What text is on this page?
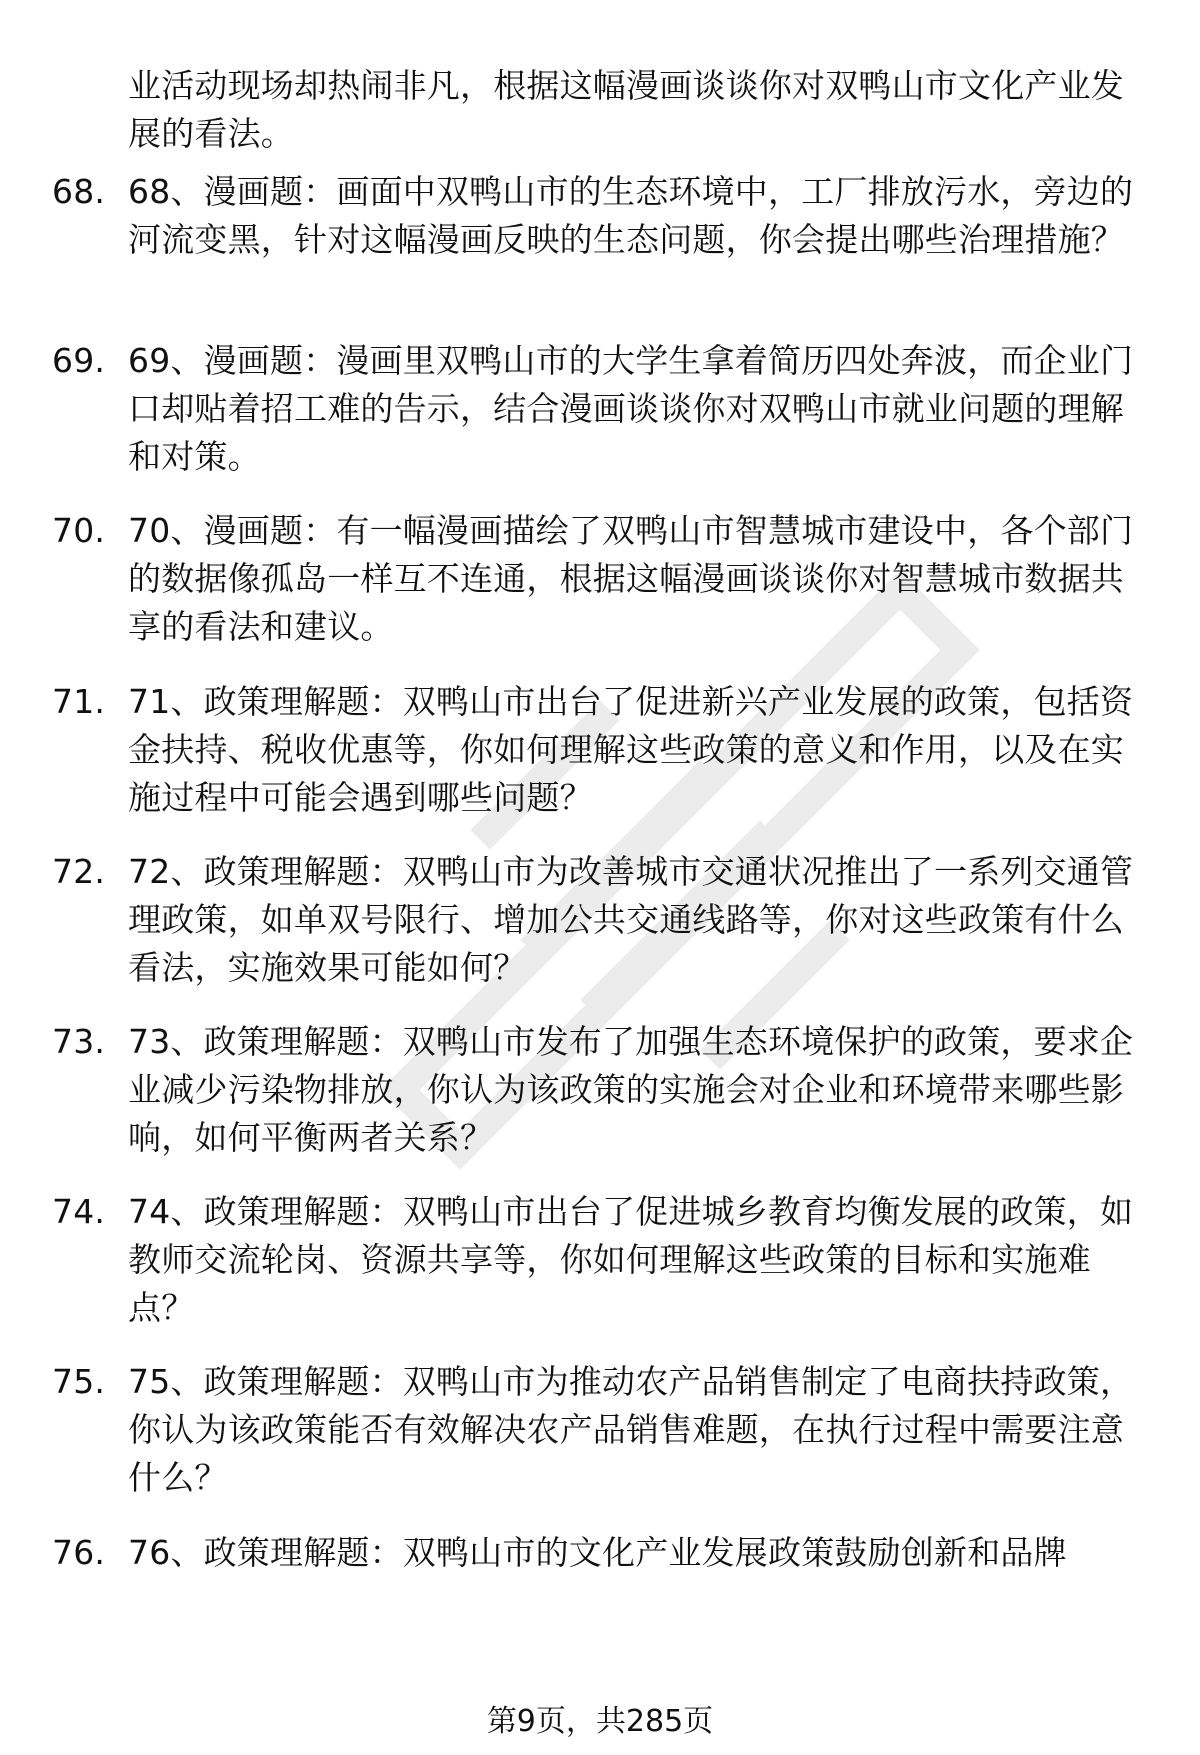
业活动现场却热闹非凡，根据这幅漫画谈谈你对双鸭山市文化产业发展的看法。
68. 68、漫画题：画面中双鸭山市的生态环境中，工厂排放污水，旁边的河流变黑，针对这幅漫画反映的生态问题，你会提出哪些治理措施？
69. 69、漫画题：漫画里双鸭山市的大学生拿着简历四处奔波，而企业门口却贴着招工难的告示，结合漫画谈谈你对双鸭山市就业问题的理解和对策。
70. 70、漫画题：有一幅漫画描绘了双鸭山市智慧城市建设中，各个部门的数据像孤岛一样互不连通，根据这幅漫画谈谈你对智慧城市数据共享的看法和建议。
71. 71、政策理解题：双鸭山市出台了促进新兴产业发展的政策，包括资金扶持、税收优惠等，你如何理解这些政策的意义和作用，以及在实施过程中可能会遇到哪些问题？
72. 72、政策理解题：双鸭山市为改善城市交通状况推出了一系列交通管理政策，如单双号限行、增加公共交通线路等，你对这些政策有什么看法，实施效果可能如何？
73. 73、政策理解题：双鸭山市发布了加强生态环境保护的政策，要求企业减少污染物排放，你认为该政策的实施会对企业和环境带来哪些影响，如何平衡两者关系？
74. 74、政策理解题：双鸭山市出台了促进城乡教育均衡发展的政策，如教师交流轮岗、资源共享等，你如何理解这些政策的目标和实施难点？
75. 75、政策理解题：双鸭山市为推动农产品销售制定了电商扶持政策，你认为该政策能否有效解决农产品销售难题，在执行过程中需要注意什么？
76. 76、政策理解题：双鸭山市的文化产业发展政策鼓励创新和品牌
第9页，共285页
